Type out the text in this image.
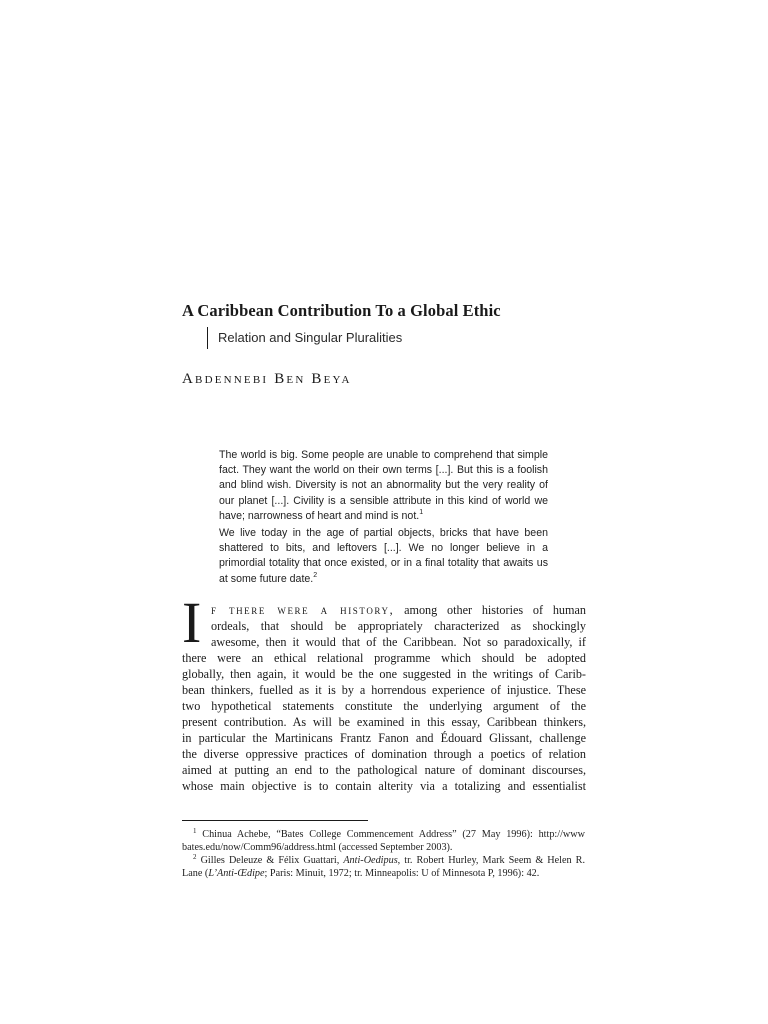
A Caribbean Contribution To a Global Ethic
Relation and Singular Pluralities
Abdennebi Ben Beya
The world is big. Some people are unable to comprehend that simple fact. They want the world on their own terms [...]. But this is a foolish and blind wish. Diversity is not an abnormality but the very reality of our planet [...]. Civility is a sensible attribute in this kind of world we have; narrowness of heart and mind is not.$^1$
We live today in the age of partial objects, bricks that have been shattered to bits, and leftovers [...]. We no longer believe in a primordial totality that once existed, or in a final totality that awaits us at some future date.$^2$
I f there were a history, among other histories of human
ordeals, that should be appropriately characterized as shockingly
awesome, then it would that of the Caribbean. Not so paradoxically, if
there were an ethical relational programme which should be adopted
globally, then again, it would be the one suggested in the writings of Carib-
bean thinkers, fuelled as it is by a horrendous experience of injustice. These
two hypothetical statements constitute the underlying argument of the
present contribution. As will be examined in this essay, Caribbean thinkers,
in particular the Martinicans Frantz Fanon and Édouard Glissant, challenge
the diverse oppressive practices of domination through a poetics of relation
aimed at putting an end to the pathological nature of dominant discourses,
whose main objective is to contain alterity via a totalizing and essentialist
$^1$ Chinua Achebe, “Bates College Commencement Address” (27 May 1996): http://www
bates.edu/now/Comm96/address.html (accessed September 2003).
$^2$ Gilles Deleuze & Félix Guattari, Anti-Oedipus, tr. Robert Hurley, Mark Seem & Helen R.
Lane (L’Anti-Œdipe; Paris: Minuit, 1972; tr. Minneapolis: U of Minnesota P, 1996): 42.
